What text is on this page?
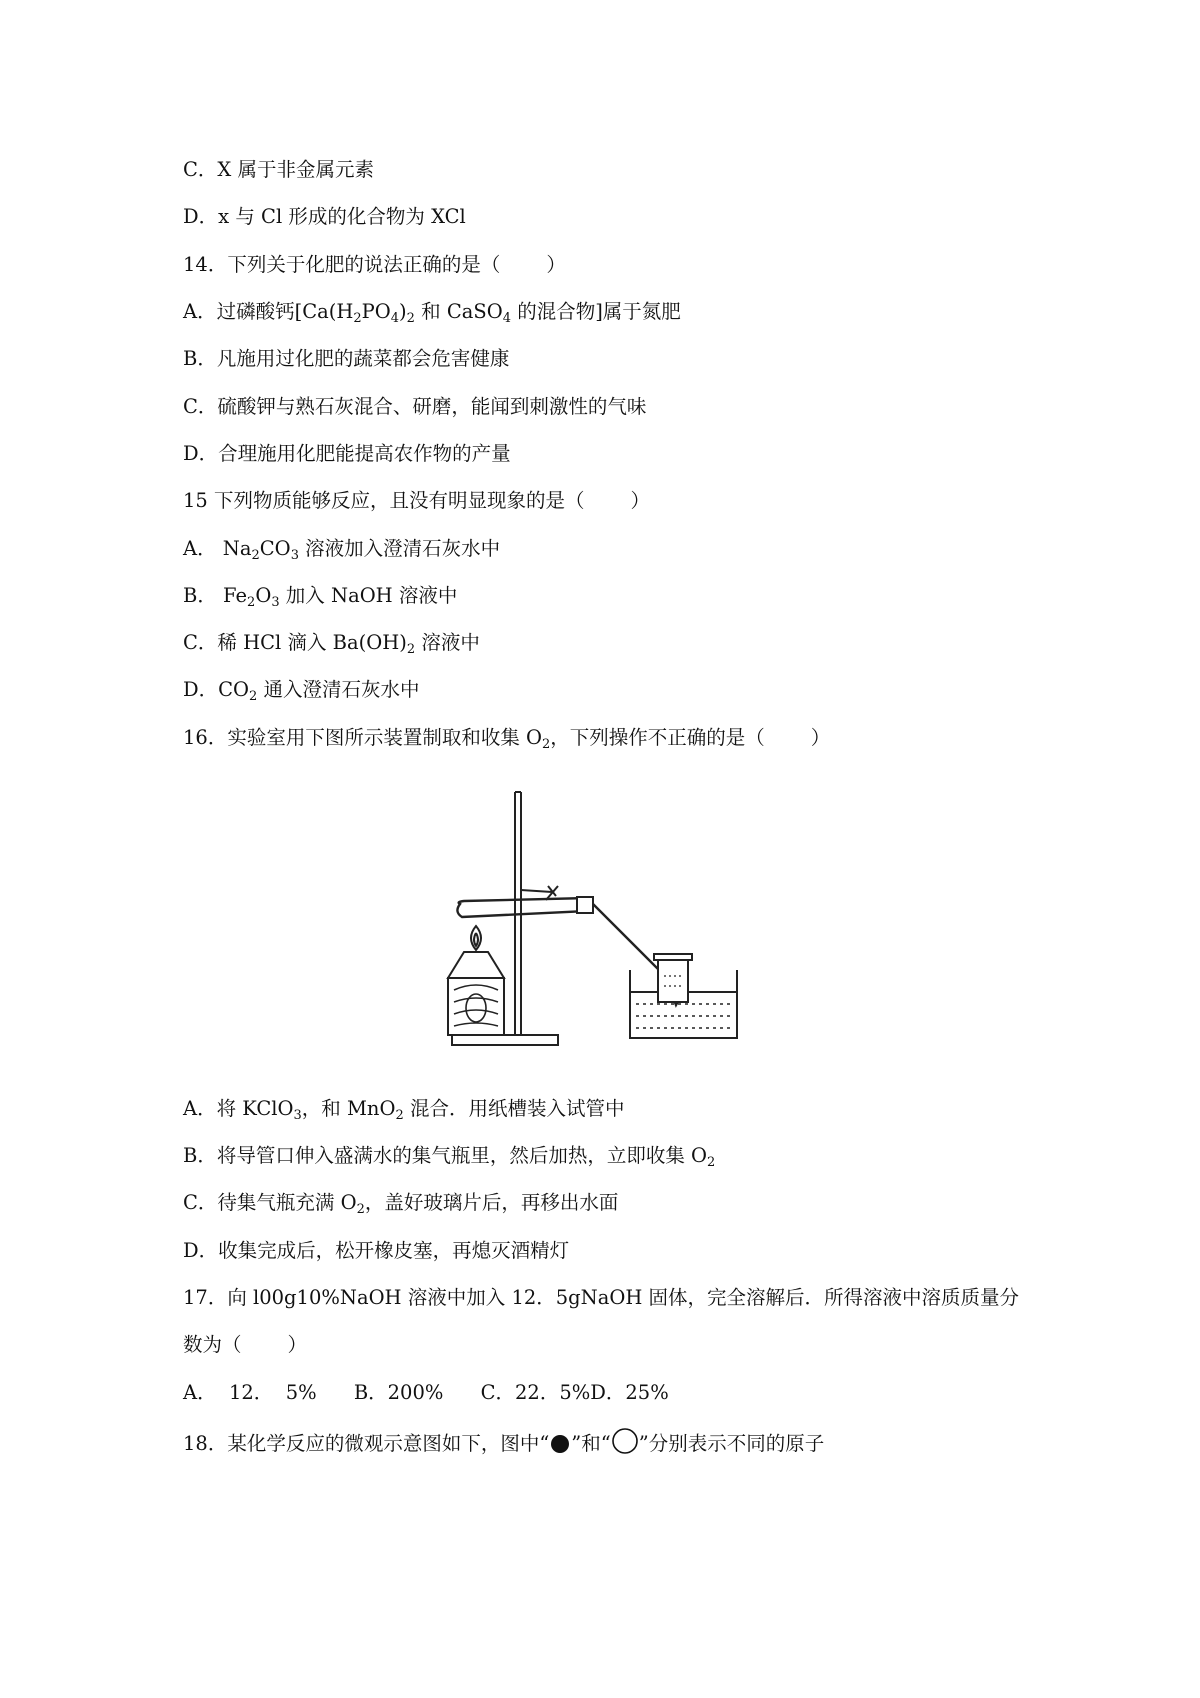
C．X 属于非金属元素
D．x 与 Cl 形成的化合物为 XCl
14．下列关于化肥的说法正确的是（ ）
A．过磷酸钙[$Ca(H_2PO_4)_2$ 和 CaSO$_4$ 的混合物]属于氮肥
B．凡施用过化肥的蔬菜都会危害健康
C．硫酸钾与熟石灰混合、研磨，能闻到刺激性的气味
D．合理施用化肥能提高农作物的产量
15 下列物质能够反应，且没有明显现象的是（ ）
A． $Na_2CO_3$ 溶液加入澄清石灰水中
B． $Fe_2O_3$ 加入 NaOH 溶液中
C．稀 HCl 滴入 $Ba(OH)_2$ 溶液中
D．$CO_2$ 通入澄清石灰水中
16．实验室用下图所示装置制取和收集 $O_2$，下列操作不正确的是（ ）
A．将 KClO$_3$，和 MnO$_2$ 混合．用纸槽装入试管中
B．将导管口伸入盛满水的集气瓶里，然后加热，立即收集 $O_2$
C．待集气瓶充满 $O_2$，盖好玻璃片后，再移出水面
D．收集完成后，松开橡皮塞，再熄灭酒精灯
17．向 l00g10%NaOH 溶液中加入 12．5gNaOH 固体，完全溶解后．所得溶液中溶质质量分
数为（ ）
A．  12．  5%      B．200%      C．22．5%D．25%
18．某化学反应的微观示意图如下，图中“ ”和“ ”分别表示不同的原子
